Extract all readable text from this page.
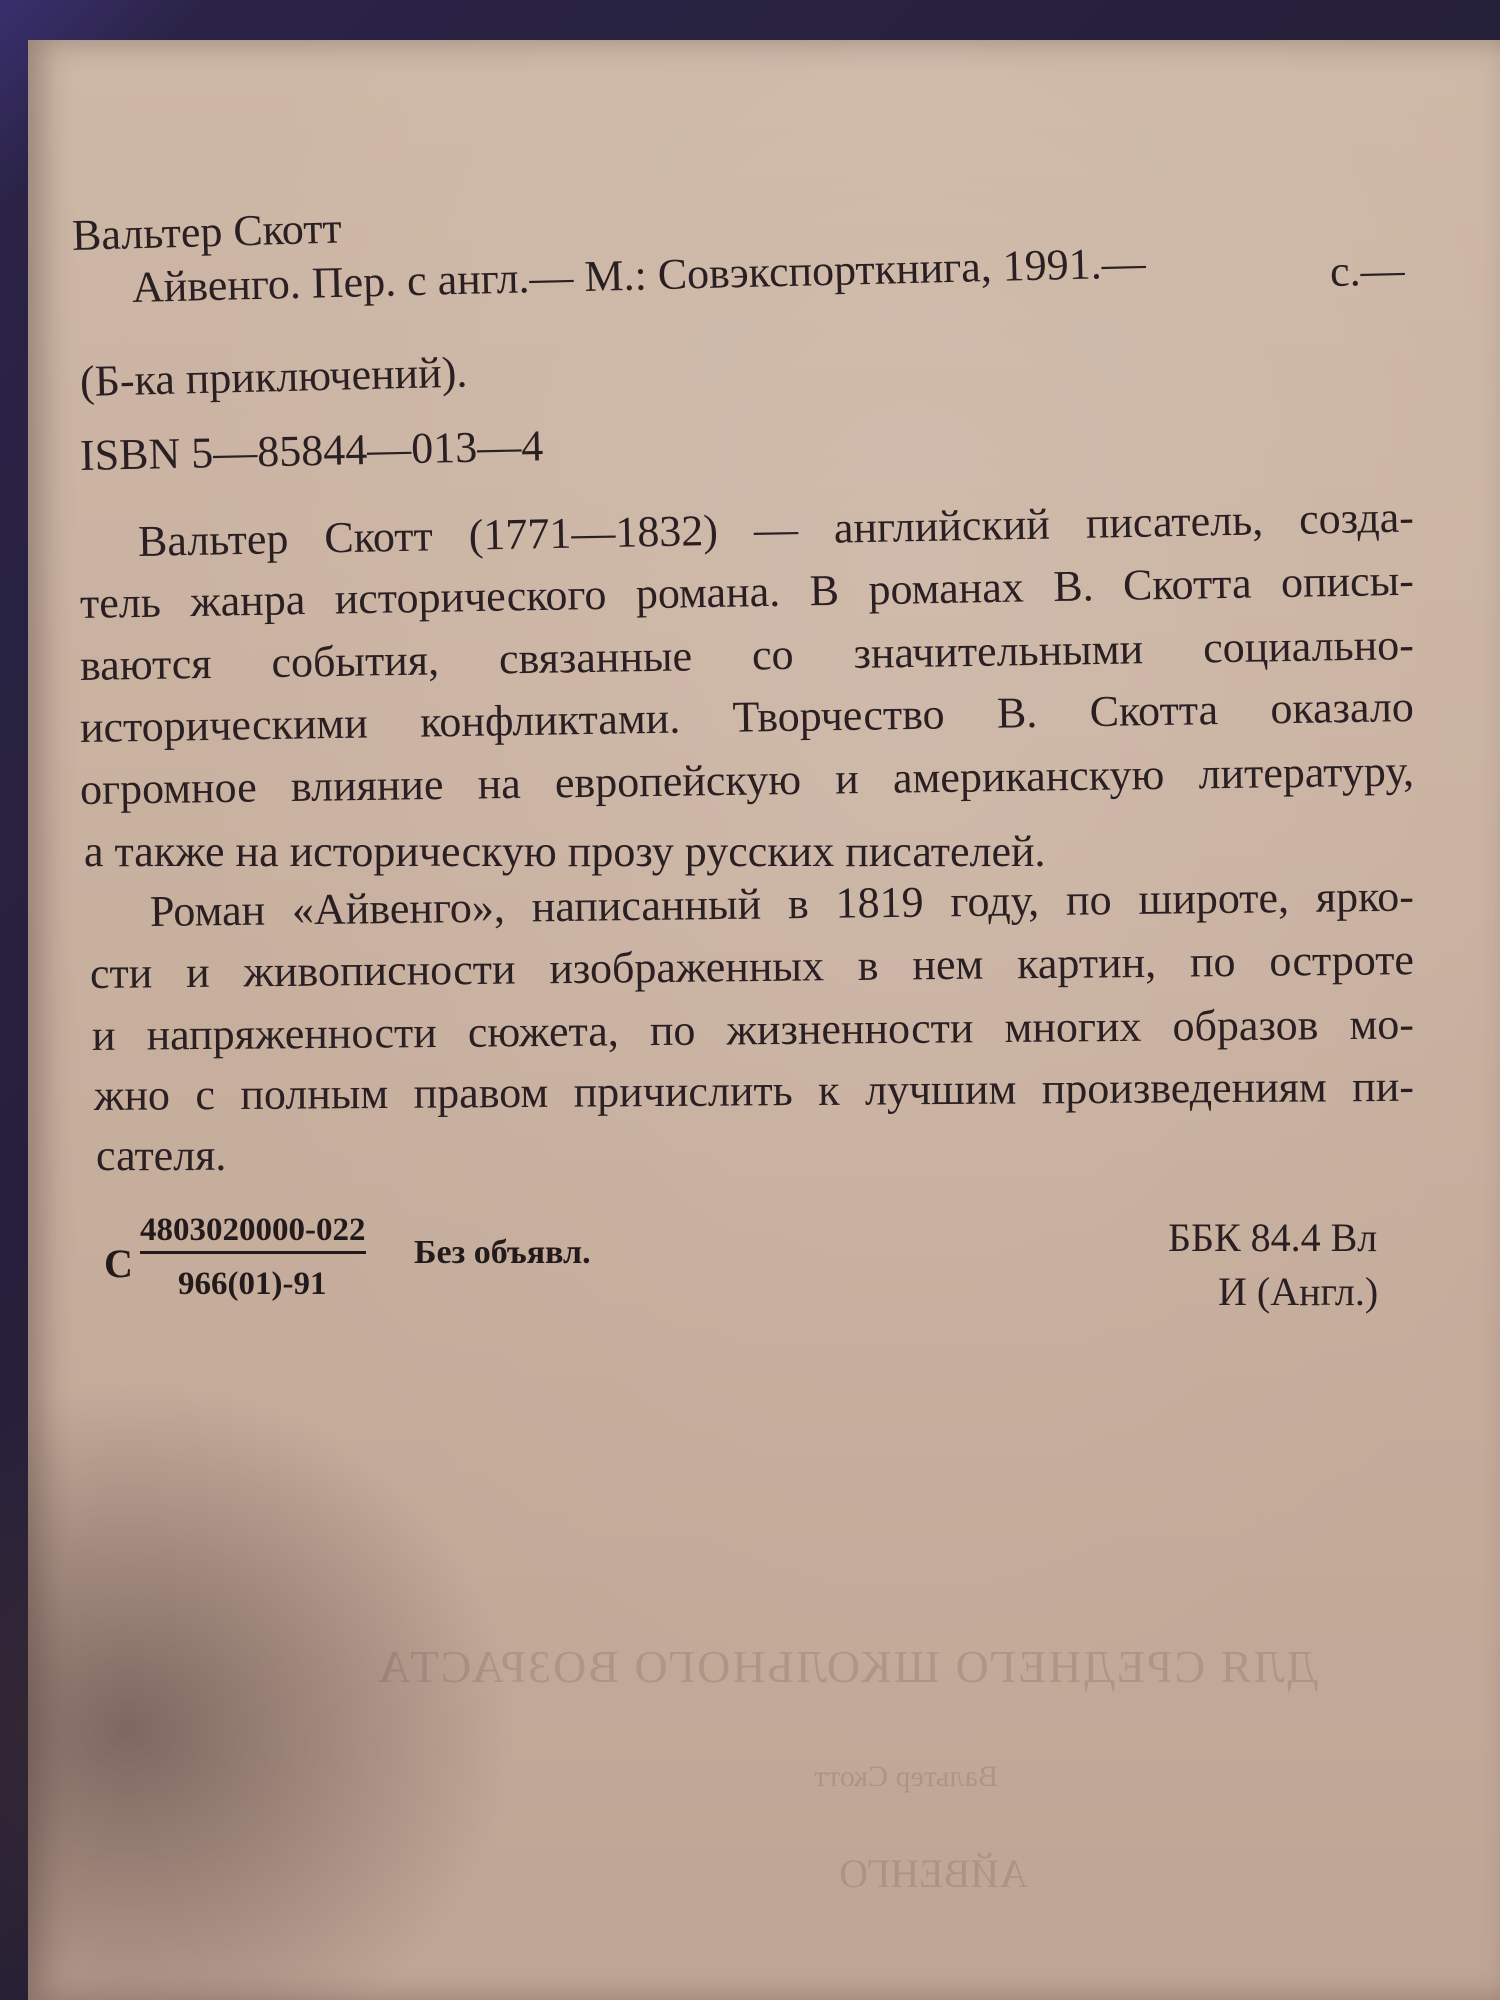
ДЛЯ СРЕДНЕГО ШКОЛЬНОГО ВОЗРАСТА
Вальтер Скотт
АЙВЕНГО
Вальтер Скотт
Айвенго. Пер. с англ.— М.: Совэкспорткнига, 1991.—	с.—
(Б-ка приключений).
ISBN 5—85844—013—4
Вальтер Скотт (1771—1832) — английский писатель, созда-
тель жанра исторического романа. В романах В. Скотта описы-
ваются события, связанные со значительными социально-
историческими конфликтами. Творчество В. Скотта оказало
огромное влияние на европейскую и американскую литературу,
а также на историческую прозу русских писателей.
Роман «Айвенго», написанный в 1819 году, по широте, ярко-
сти и живописности изображенных в нем картин, по остроте
и напряженности сюжета, по жизненности многих образов мо-
жно с полным правом причислить к лучшим произведениям пи-
сателя.
С
4803020000-022
966(01)-91
Без объявл.	ББК 84.4 Вл
И (Англ.)
